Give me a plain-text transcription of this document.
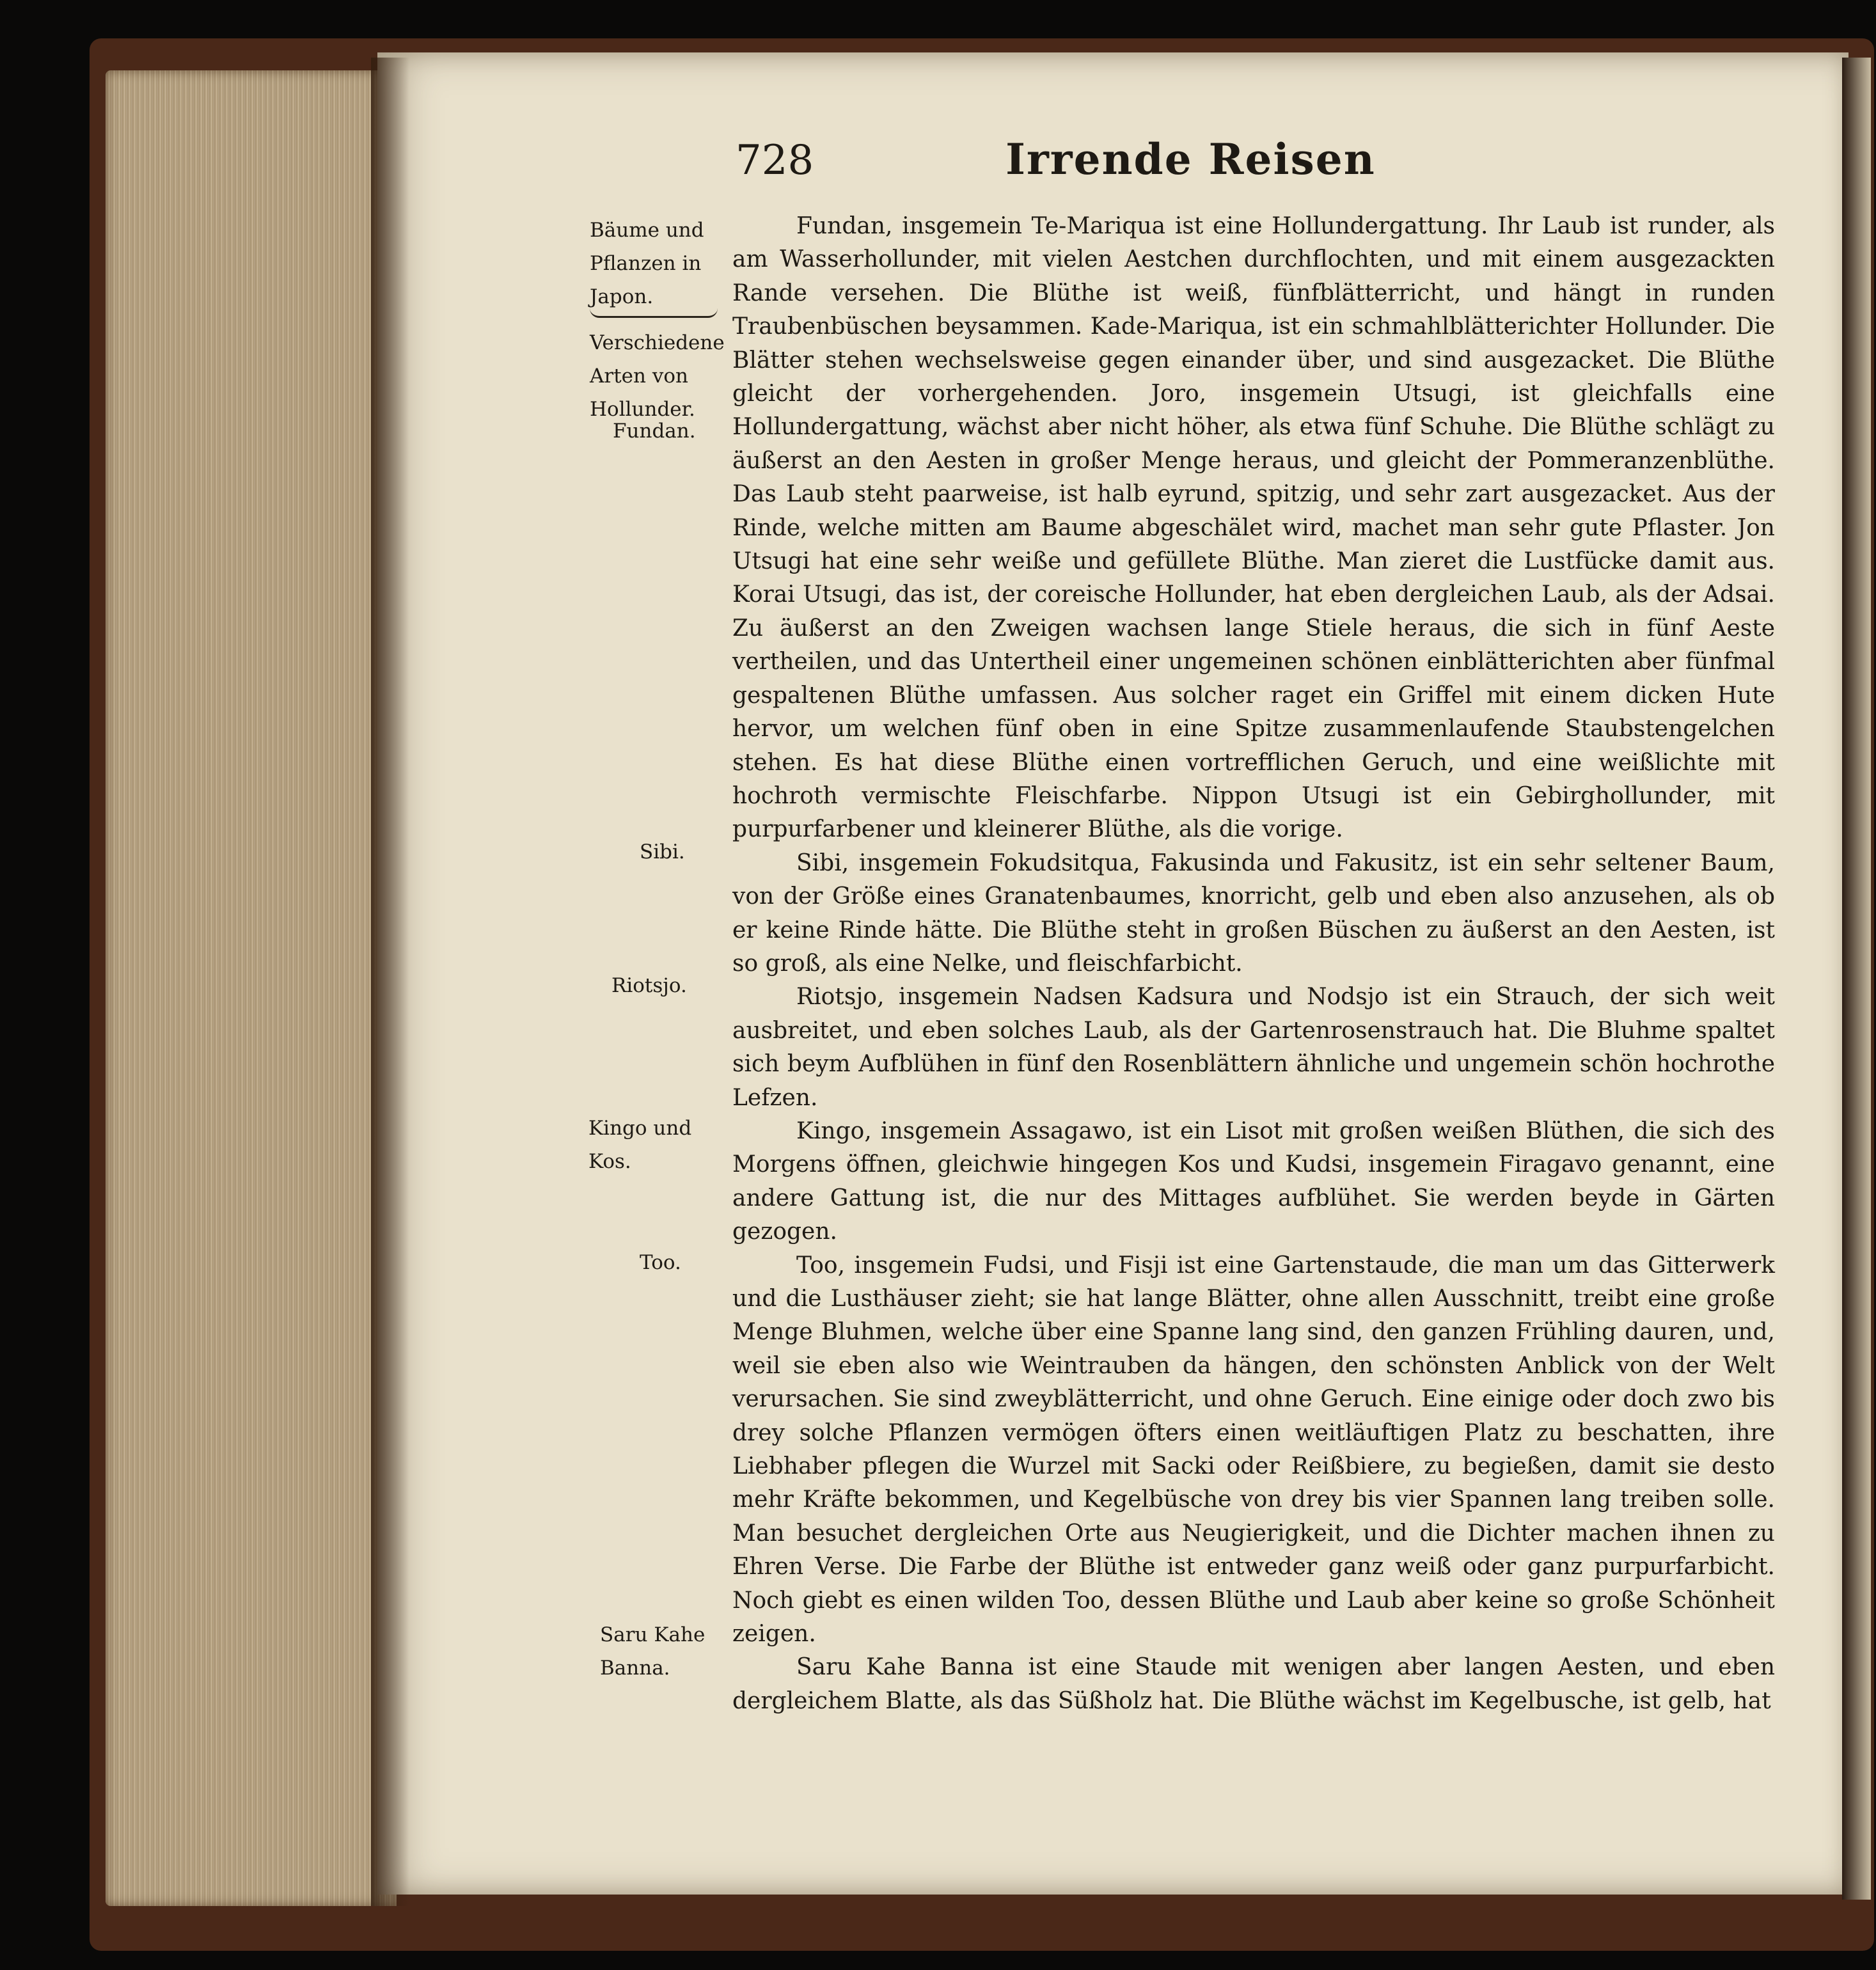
728	Irrende Reisen
Bäume und
Pflanzen in
Japon.
Verschiedene
Arten von
Hollunder.
Fundan.
Sibi.
Riotsjo.
Kingo und
Kos.
Too.
Saru Kahe
Banna.

Fundan, insgemein Te-Mariqua ist eine Hollundergattung. Ihr Laub ist runder, als am Wasserhollunder, mit vielen Aestchen durchflochten, und mit einem ausgezackten Rande versehen. Die Blüthe ist weiß, fünfblätterricht, und hängt in runden Traubenbüschen beysammen. Kade-Mariqua, ist ein schmahlblätterichter Hollunder. Die Blätter stehen wechselsweise gegen einander über, und sind ausgezacket. Die Blüthe gleicht der vorhergehenden. Joro, insgemein Utsugi, ist gleichfalls eine Hollundergattung, wächst aber nicht höher, als etwa fünf Schuhe. Die Blüthe schlägt zu äußerst an den Aesten in großer Menge heraus, und gleicht der Pommeranzenblüthe. Das Laub steht paarweise, ist halb eyrund, spitzig, und sehr zart ausgezacket. Aus der Rinde, welche mitten am Baume abgeschälet wird, machet man sehr gute Pflaster. Jon Utsugi hat eine sehr weiße und gefüllete Blüthe. Man zieret die Lustfücke damit aus. Korai Utsugi, das ist, der coreische Hollunder, hat eben dergleichen Laub, als der Adsai. Zu äußerst an den Zweigen wachsen lange Stiele heraus, die sich in fünf Aeste vertheilen, und das Untertheil einer ungemeinen schönen einblätterichten aber fünfmal gespaltenen Blüthe umfassen. Aus solcher raget ein Griffel mit einem dicken Hute hervor, um welchen fünf oben in eine Spitze zusammenlaufende Staubstengelchen stehen. Es hat diese Blüthe einen vortrefflichen Geruch, und eine weißlichte mit hochroth vermischte Fleischfarbe. Nippon Utsugi ist ein Gebirghollunder, mit purpurfarbener und kleinerer Blüthe, als die vorige.

Sibi, insgemein Fokudsitqua, Fakusinda und Fakusitz, ist ein sehr seltener Baum, von der Größe eines Granatenbaumes, knorricht, gelb und eben also anzusehen, als ob er keine Rinde hätte. Die Blüthe steht in großen Büschen zu äußerst an den Aesten, ist so groß, als eine Nelke, und fleischfarbicht.

Riotsjo, insgemein Nadsen Kadsura und Nodsjo ist ein Strauch, der sich weit ausbreitet, und eben solches Laub, als der Gartenrosenstrauch hat. Die Bluhme spaltet sich beym Aufblühen in fünf den Rosenblättern ähnliche und ungemein schön hochrothe Lefzen.

Kingo, insgemein Assagawo, ist ein Lisot mit großen weißen Blüthen, die sich des Morgens öffnen, gleichwie hingegen Kos und Kudsi, insgemein Firagavo genannt, eine andere Gattung ist, die nur des Mittages aufblühet. Sie werden beyde in Gärten gezogen.

Too, insgemein Fudsi, und Fisji ist eine Gartenstaude, die man um das Gitterwerk und die Lusthäuser zieht; sie hat lange Blätter, ohne allen Ausschnitt, treibt eine große Menge Bluhmen, welche über eine Spanne lang sind, den ganzen Frühling dauren, und, weil sie eben also wie Weintrauben da hängen, den schönsten Anblick von der Welt verursachen. Sie sind zweyblätterricht, und ohne Geruch. Eine einige oder doch zwo bis drey solche Pflanzen vermögen öfters einen weitläuftigen Platz zu beschatten, ihre Liebhaber pflegen die Wurzel mit Sacki oder Reißbiere, zu begießen, damit sie desto mehr Kräfte bekommen, und Kegelbüsche von drey bis vier Spannen lang treiben solle. Man besuchet dergleichen Orte aus Neugierigkeit, und die Dichter machen ihnen zu Ehren Verse. Die Farbe der Blüthe ist entweder ganz weiß oder ganz purpurfarbicht. Noch giebt es einen wilden Too, dessen Blüthe und Laub aber keine so große Schönheit zeigen.

Saru Kahe Banna ist eine Staude mit wenigen aber langen Aesten, und eben dergleichem Blatte, als das Süßholz hat. Die Blüthe wächst im Kegelbusche, ist gelb, hat
